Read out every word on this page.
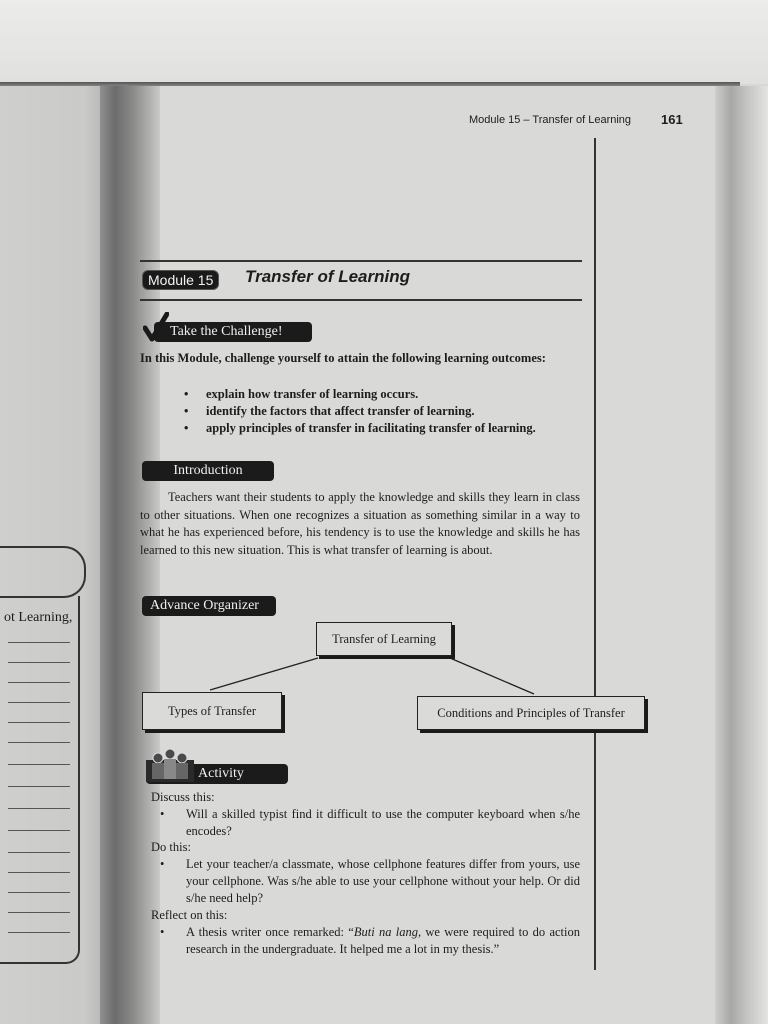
ot Learning,
Module 15 – Transfer of Learning 161
Module 15	Transfer of Learning
Take the Challenge!
In this Module, challenge yourself to attain the following learning outcomes:
• explain how transfer of learning occurs.
• identify the factors that affect transfer of learning.
• apply principles of transfer in facilitating transfer of learning.
Introduction
Teachers want their students to apply the knowledge and skills they learn in class to other situations. When one recognizes a situation as something similar in a way to what he has experienced before, his tendency is to use the knowledge and skills he has learned to this new situation. This is what transfer of learning is about.
Advance Organizer
Transfer of Learning
Types of Transfer	Conditions and Principles of Transfer
Activity
Discuss this:
•	Will a skilled typist find it difficult to use the computer keyboard when s/he encodes?
Do this:
•	Let your teacher/a classmate, whose cellphone features differ from yours, use your cellphone. Was s/he able to use your cellphone without your help. Or did s/he need help?
Reflect on this:
•	A thesis writer once remarked: “Buti na lang, we were required to do action research in the undergraduate. It helped me a lot in my thesis.”
